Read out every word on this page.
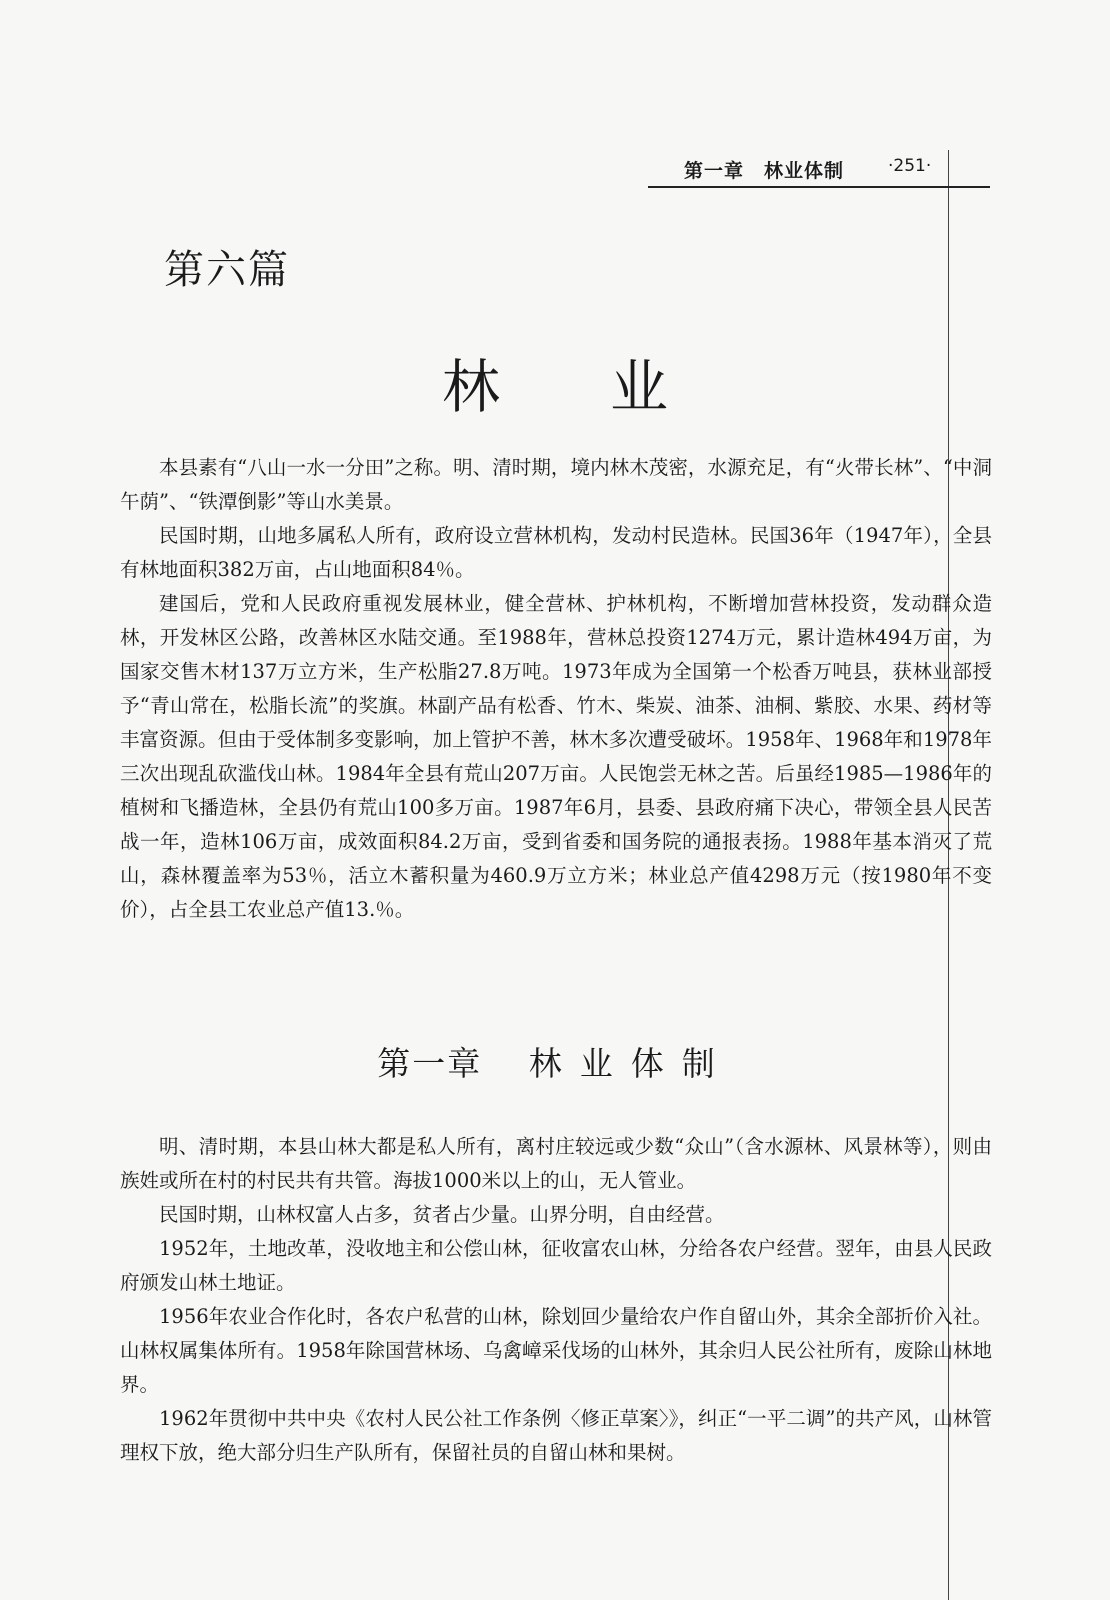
第一章　林业体制	·251·
第六篇
林业

本县素有“八山一水一分田”之称。明、清时期，境内林木茂密，水源充足，有“火带长林”、“中洞午荫”、“铁潭倒影”等山水美景。

民国时期，山地多属私人所有，政府设立营林机构，发动村民造林。民国36年（1947年），全县有林地面积382万亩，占山地面积84％。

建国后，党和人民政府重视发展林业，健全营林、护林机构，不断增加营林投资，发动群众造林，开发林区公路，改善林区水陆交通。至1988年，营林总投资1274万元，累计造林494万亩，为国家交售木材137万立方米，生产松脂27.8万吨。1973年成为全国第一个松香万吨县，获林业部授予“青山常在，松脂长流”的奖旗。林副产品有松香、竹木、柴炭、油茶、油桐、紫胶、水果、药材等丰富资源。但由于受体制多变影响，加上管护不善，林木多次遭受破坏。1958年、1968年和1978年三次出现乱砍滥伐山林。1984年全县有荒山207万亩。人民饱尝无林之苦。后虽经1985—1986年的植树和飞播造林，全县仍有荒山100多万亩。1987年6月，县委、县政府痛下决心，带领全县人民苦战一年，造林106万亩，成效面积84.2万亩，受到省委和国务院的通报表扬。1988年基本消灭了荒山，森林覆盖率为53％，活立木蓄积量为460.9万立方米；林业总产值4298万元（按1980年不变价），占全县工农业总产值13.％。

第一章 林业体制

明、清时期，本县山林大都是私人所有，离村庄较远或少数“众山”（含水源林、风景林等），则由族姓或所在村的村民共有共管。海拔1000米以上的山，无人管业。

民国时期，山林权富人占多，贫者占少量。山界分明，自由经营。

1952年，土地改革，没收地主和公偿山林，征收富农山林，分给各农户经营。翌年，由县人民政府颁发山林土地证。

1956年农业合作化时，各农户私营的山林，除划回少量给农户作自留山外，其余全部折价入社。山林权属集体所有。1958年除国营林场、乌禽嶂采伐场的山林外，其余归人民公社所有，废除山林地界。

1962年贯彻中共中央《农村人民公社工作条例〈修正草案〉》，纠正“一平二调”的共产风，山林管理权下放，绝大部分归生产队所有，保留社员的自留山林和果树。
